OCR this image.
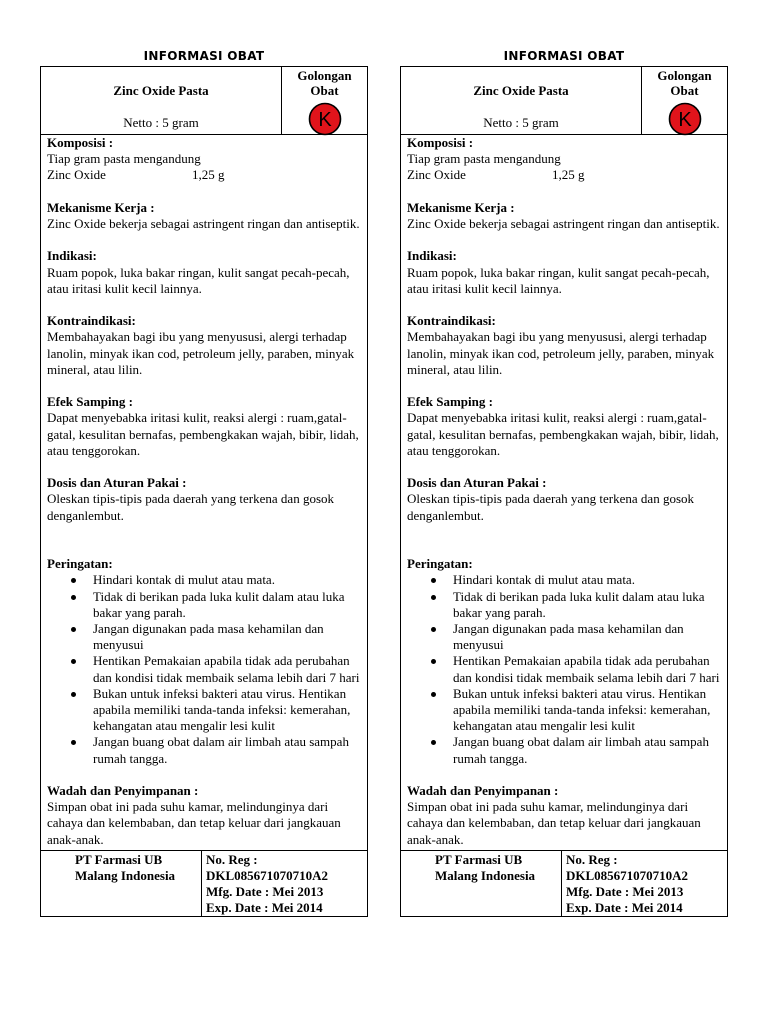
INFORMASI OBAT
Zinc Oxide Pasta
Netto : 5 gram
Golongan
Obat
K
Komposisi :
Tiap gram pasta mengandung
Zinc Oxide	1,25 g
Mekanisme Kerja :
Zinc Oxide bekerja sebagai astringent ringan dan antiseptik.
Indikasi:
Ruam popok, luka bakar ringan, kulit sangat pecah-pecah, atau iritasi kulit kecil lainnya.
Kontraindikasi:
Membahayakan bagi ibu yang menyususi, alergi terhadap lanolin, minyak ikan cod, petroleum jelly, paraben, minyak mineral, atau lilin.
Efek Samping :
Dapat menyebabka iritasi kulit, reaksi alergi : ruam,gatal-gatal, kesulitan bernafas, pembengkakan wajah, bibir, lidah, atau tenggorokan.
Dosis dan Aturan Pakai :
Oleskan tipis-tipis pada daerah yang terkena dan gosok denganlembut.
Peringatan:
Hindari kontak di mulut atau mata.
Tidak di berikan pada luka kulit dalam atau luka bakar yang parah.
Jangan digunakan pada masa kehamilan dan menyusui
Hentikan Pemakaian apabila tidak ada perubahan dan kondisi tidak membaik selama lebih dari 7 hari
Bukan untuk infeksi bakteri atau virus. Hentikan apabila memiliki tanda-tanda infeksi: kemerahan, kehangatan atau mengalir lesi kulit
Jangan buang obat dalam air limbah atau sampah rumah tangga.
Wadah dan Penyimpanan :
Simpan obat ini pada suhu kamar, melindunginya dari cahaya dan kelembaban, dan tetap keluar dari jangkauan anak-anak.
PT Farmasi UB
Malang Indonesia
No. Reg :
DKL085671070710A2
Mfg. Date : Mei 2013
Exp. Date : Mei 2014
INFORMASI OBAT
Zinc Oxide Pasta
Netto : 5 gram
Golongan
Obat
K
Komposisi :
Tiap gram pasta mengandung
Zinc Oxide	1,25 g
Mekanisme Kerja :
Zinc Oxide bekerja sebagai astringent ringan dan antiseptik.
Indikasi:
Ruam popok, luka bakar ringan, kulit sangat pecah-pecah, atau iritasi kulit kecil lainnya.
Kontraindikasi:
Membahayakan bagi ibu yang menyususi, alergi terhadap lanolin, minyak ikan cod, petroleum jelly, paraben, minyak mineral, atau lilin.
Efek Samping :
Dapat menyebabka iritasi kulit, reaksi alergi : ruam,gatal-gatal, kesulitan bernafas, pembengkakan wajah, bibir, lidah, atau tenggorokan.
Dosis dan Aturan Pakai :
Oleskan tipis-tipis pada daerah yang terkena dan gosok denganlembut.
Peringatan:
Hindari kontak di mulut atau mata.
Tidak di berikan pada luka kulit dalam atau luka bakar yang parah.
Jangan digunakan pada masa kehamilan dan menyusui
Hentikan Pemakaian apabila tidak ada perubahan dan kondisi tidak membaik selama lebih dari 7 hari
Bukan untuk infeksi bakteri atau virus. Hentikan apabila memiliki tanda-tanda infeksi: kemerahan, kehangatan atau mengalir lesi kulit
Jangan buang obat dalam air limbah atau sampah rumah tangga.
Wadah dan Penyimpanan :
Simpan obat ini pada suhu kamar, melindunginya dari cahaya dan kelembaban, dan tetap keluar dari jangkauan anak-anak.
PT Farmasi UB
Malang Indonesia
No. Reg :
DKL085671070710A2
Mfg. Date : Mei 2013
Exp. Date : Mei 2014
